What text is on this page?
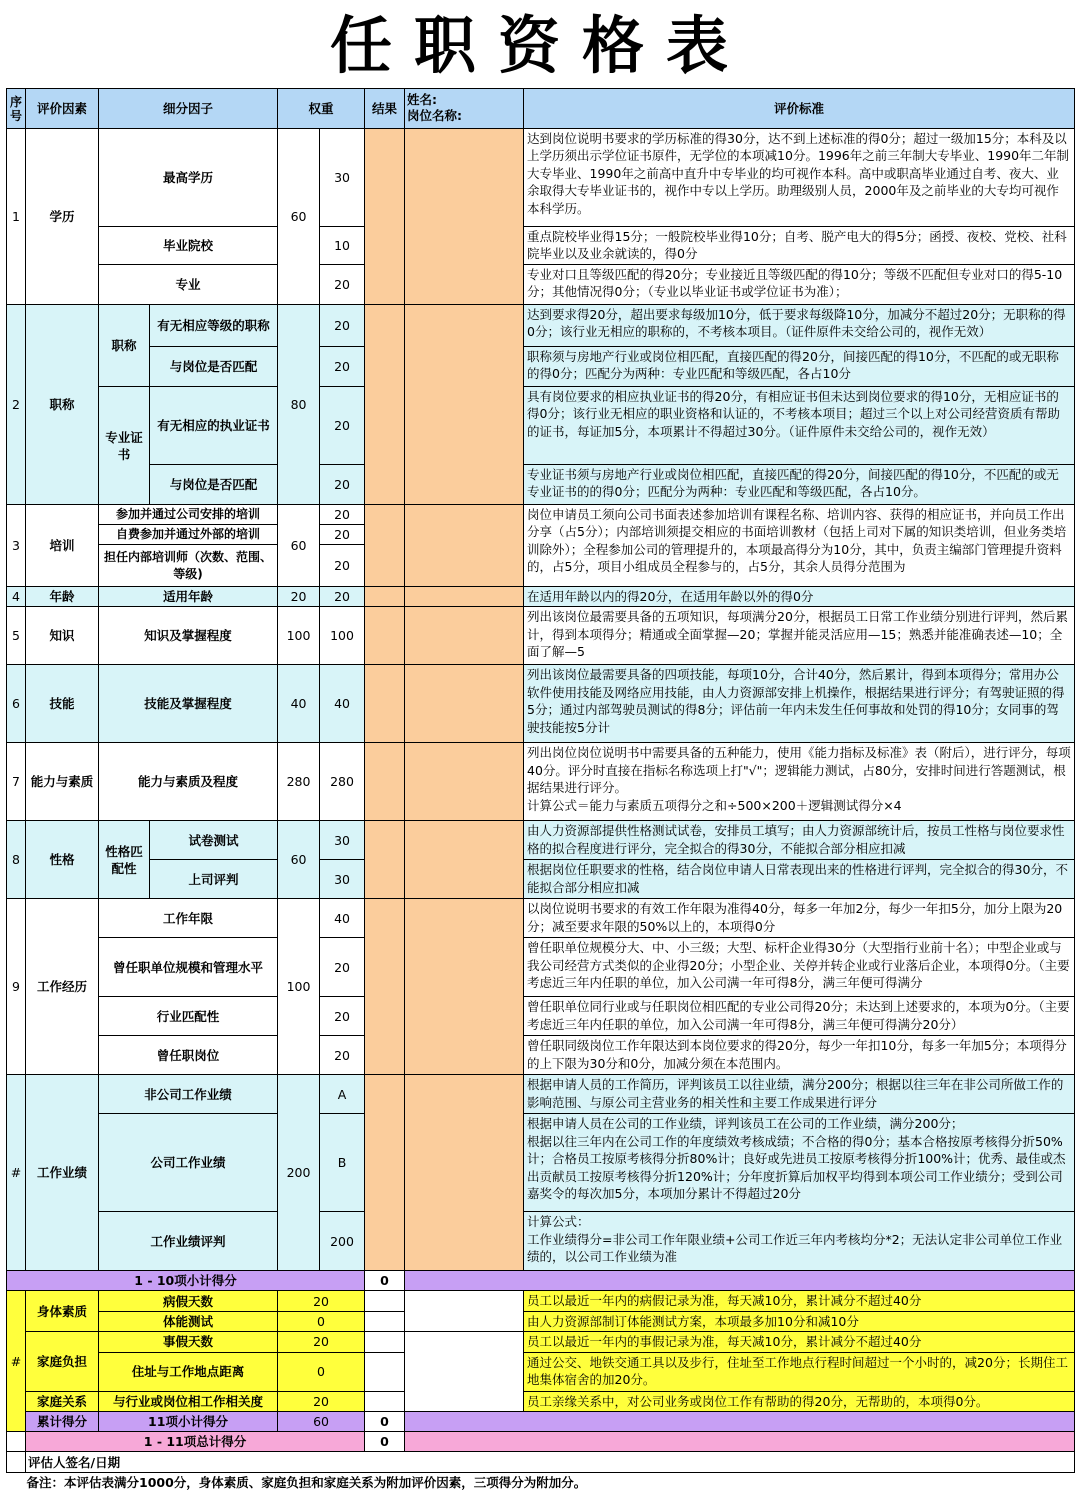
任职资格表
序号	评价因素	细分因子		权重		结果	姓名:
岗位名称:	评价标准
1	学历	最高学历		60	30			达到岗位说明书要求的学历标准的得30分，达不到上述标准的得0分；超过一级加15分；本科及以上学历须出示学位证书原件，无学位的本项减10分。1996年之前三年制大专毕业、1990年二年制大专毕业、1990年之前高中直升中专毕业的均可视作本科。高中或职高毕业通过自考、夜大、业余取得大专毕业证书的，视作中专以上学历。助理级别人员，2000年及之前毕业的大专均可视作本科学历。
		毕业院校			10			重点院校毕业得15分；一般院校毕业得10分；自考、脱产电大的得5分；函授、夜校、党校、社科院毕业以及业余就读的，得0分
		专业			20			专业对口且等级匹配的得20分；专业接近且等级匹配的得10分；等级不匹配但专业对口的得5-10分；其他情况得0分；（专业以毕业证书或学位证书为准）；
2	职称	职称	有无相应等级的职称	80	20			达到要求得20分，超出要求每级加10分，低于要求每级降10分，加减分不超过20分；无职称的得0分；该行业无相应的职称的，不考核本项目。（证件原件未交给公司的，视作无效）
			与岗位是否匹配		20			职称须与房地产行业或岗位相匹配，直接匹配的得20分，间接匹配的得10分，不匹配的或无职称的得0分；匹配分为两种：专业匹配和等级匹配，各占10分
		专业证书	有无相应的执业证书		20			具有岗位要求的相应执业证书的得20分，有相应证书但未达到岗位要求的得10分，无相应证书的得0分；该行业无相应的职业资格和认证的，不考核本项目；超过三个以上对公司经营资质有帮助的证书，每证加5分，本项累计不得超过30分。（证件原件未交给公司的，视作无效）
			与岗位是否匹配		20			专业证书须与房地产行业或岗位相匹配，直接匹配的得20分，间接匹配的得10分，不匹配的或无专业证书的的得0分；匹配分为两种：专业匹配和等级匹配，各占10分。
3	培训	参加并通过公司安排的培训		60	20			岗位申请员工须向公司书面表述参加培训有课程名称、培训内容、获得的相应证书，并向员工作出分享（占5分）；内部培训须提交相应的书面培训教材（包括上司对下属的知识类培训，但业务类培训除外）；全程参加公司的管理提升的，本项最高得分为10分，其中，负责主编部门管理提升资料的，占5分，项目小组成员全程参与的，占5分，其余人员得分范围为

		自费参加并通过外部的培训			20			
		担任内部培训师（次数、范围、等级)			20			
4	年龄	适用年龄		20	20			在适用年龄以内的得20分，在适用年龄以外的得0分
5	知识	知识及掌握程度		100	100			列出该岗位最需要具备的五项知识，每项满分20分，根据员工日常工作业绩分别进行评判，然后累计，得到本项得分；精通或全面掌握—20；掌握并能灵活应用—15；熟悉并能准确表述—10；全面了解—5
6	技能	技能及掌握程度		40	40			列出该岗位最需要具备的四项技能，每项10分，合计40分，然后累计，得到本项得分；常用办公软件使用技能及网络应用技能，由人力资源部安排上机操作，根据结果进行评分；有驾驶证照的得5分；通过内部驾驶员测试的得8分；评估前一年内未发生任何事故和处罚的得10分；女同事的驾驶技能按5分计
7	能力与素质	能力与素质及程度		280	280			列出岗位岗位说明书中需要具备的五种能力，使用《能力指标及标准》表（附后），进行评分，每项40分。评分时直接在指标名称选项上打"√"；逻辑能力测试，占80分，安排时间进行答题测试，根据结果进行评分。
计算公式＝能力与素质五项得分之和÷500×200＋逻辑测试得分×4
8	性格	性格匹配性	试卷测试	60	30			由人力资源部提供性格测试试卷，安排员工填写；由人力资源部统计后，按员工性格与岗位要求性格的拟合程度进行评分，完全拟合的得30分，不能拟合部分相应扣减
			上司评判		30			根据岗位任职要求的性格，结合岗位申请人日常表现出来的性格进行评判，完全拟合的得30分，不能拟合部分相应扣减
9	工作经历	工作年限		100	40			以岗位说明书要求的有效工作年限为准得40分，每多一年加2分，每少一年扣5分，加分上限为20分；减至要求年限的50%以上的，本项得0分
		曾任职单位规模和管理水平			20			曾任职单位规模分大、中、小三级；大型、标杆企业得30分（大型指行业前十名）；中型企业或与我公司经营方式类似的企业得20分；小型企业、关停并转企业或行业落后企业，本项得0分。（主要考虑近三年内任职的单位，加入公司满一年可得8分，满三年便可得满分
		行业匹配性			20			曾任职单位同行业或与任职岗位相匹配的专业公司得20分；未达到上述要求的，本项为0分。（主要考虑近三年内任职的单位，加入公司满一年可得8分，满三年便可得满分20分）
		曾任职岗位			20			曾任职同级岗位工作年限达到本岗位要求的得20分，每少一年扣10分，每多一年加5分；本项得分的上下限为30分和0分，加减分须在本范围内。
#	工作业绩	非公司工作业绩		200	A			根据申请人员的工作简历，评判该员工以往业绩，满分200分；根据以往三年在非公司所做工作的影响范围、与原公司主营业务的相关性和主要工作成果进行评分
		公司工作业绩			B			根据申请人员在公司的工作业绩，评判该员工在公司的工作业绩，满分200分；
根据以往三年内在公司工作的年度绩效考核成绩；不合格的得0分；基本合格按原考核得分折50%计；合格员工按原考核得分折80%计；良好或先进员工按原考核得分折100%计；优秀、最佳或杰出贡献员工按原考核得分折120%计；分年度折算后加权平均得到本项公司工作业绩分；受到公司嘉奖令的每次加5分，本项加分累计不得超过20分
		工作业绩评判			200			计算公式：
工作业绩得分=非公司工作年限业绩+公司工作近三年内考核均分*2；无法认定非公司单位工作业绩的，以公司工作业绩为准
1 - 10项小计得分						0		
#	身体素质	病假天数		20				员工以最近一年内的病假记录为准，每天减10分，累计减分不超过40分
		体能测试		0				由人力资源部制订体能测试方案，本项最多加10分和减10分
	家庭负担	事假天数		20				员工以最近一年内的事假记录为准，每天减10分，累计减分不超过40分
		住址与工作地点距离		0				通过公交、地铁交通工具以及步行，住址至工作地点行程时间超过一个小时的，减20分；长期住工地集体宿舍的加20分。
	家庭关系	与行业或岗位相工作相关度		20				员工亲缘关系中，对公司业务或岗位工作有帮助的得20分，无帮助的，本项得0分。
	累计得分	11项小计得分		60		0		
	1 - 11项总计得分					0		
	评估人签名/日期							
备注：本评估表满分1000分，身体素质、家庭负担和家庭关系为附加评价因素，三项得分为附加分。								
